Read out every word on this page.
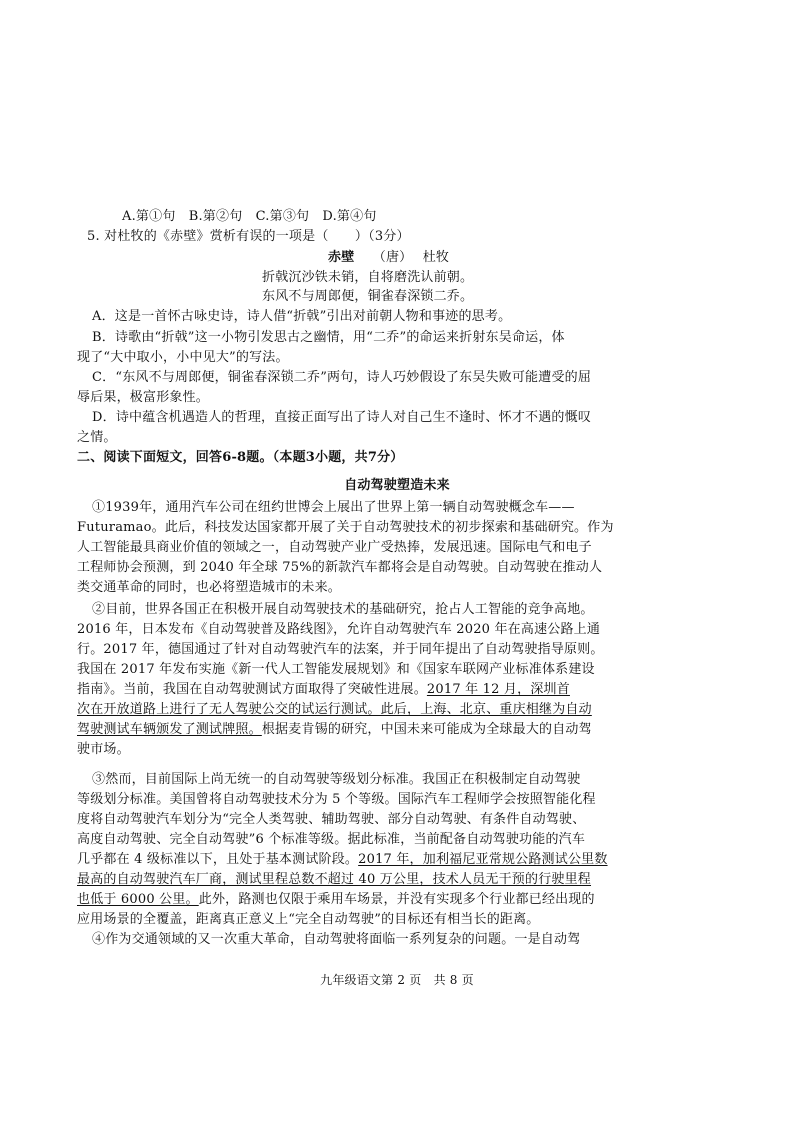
A.第①句　B.第②句　C.第③句　D.第④句
5. 对杜牧的《赤壁》赏析有误的一项是（　　）（3分）
赤壁 （唐） 杜牧
折戟沉沙铁未销，自将磨洗认前朝。
东风不与周郎便，铜雀春深锁二乔。
A．这是一首怀古咏史诗，诗人借“折戟”引出对前朝人物和事迹的思考。
B．诗歌由“折戟”这一小物引发思古之幽情，用“二乔”的命运来折射东吴命运，体
现了“大中取小，小中见大”的写法。
C．“东风不与周郎便，铜雀春深锁二乔”两句，诗人巧妙假设了东吴失败可能遭受的屈
辱后果，极富形象性。
D．诗中蕴含机遇造人的哲理，直接正面写出了诗人对自己生不逢时、怀才不遇的慨叹
之情。
二、阅读下面短文，回答6-8题。（本题3小题，共7分）
自动驾驶塑造未来
①1939年，通用汽车公司在纽约世博会上展出了世界上第一辆自动驾驶概念车——
Futuramao。此后，科技发达国家都开展了关于自动驾驶技术的初步探索和基础研究。作为
人工智能最具商业价值的领域之一，自动驾驶产业广受热捧，发展迅速。国际电气和电子
工程师协会预测，到 2040 年全球 75%的新款汽车都将会是自动驾驶。自动驾驶在推动人
类交通革命的同时，也必将塑造城市的未来。
②目前，世界各国正在积极开展自动驾驶技术的基础研究，抢占人工智能的竞争高地。
2016 年，日本发布《自动驾驶普及路线图》，允许自动驾驶汽车 2020 年在高速公路上通
行。2017 年，德国通过了针对自动驾驶汽车的法案，并于同年提出了自动驾驶指导原则。
我国在 2017 年发布实施《新一代人工智能发展规划》和《国家车联网产业标准体系建设
指南》。当前，我国在自动驾驶测试方面取得了突破性进展。2017 年 12 月，深圳首
次在开放道路上进行了无人驾驶公交的试运行测试。此后，上海、北京、重庆相继为自动
驾驶测试车辆颁发了测试牌照。根据麦肯锡的研究，中国未来可能成为全球最大的自动驾
驶市场。
③然而，目前国际上尚无统一的自动驾驶等级划分标准。我国正在积极制定自动驾驶
等级划分标准。美国曾将自动驾驶技术分为 5 个等级。国际汽车工程师学会按照智能化程
度将自动驾驶汽车划分为“完全人类驾驶、辅助驾驶、部分自动驾驶、有条件自动驾驶、
高度自动驾驶、完全自动驾驶”6 个标准等级。据此标准，当前配备自动驾驶功能的汽车
几乎都在 4 级标准以下，且处于基本测试阶段。2017 年，加利福尼亚常规公路测试公里数
最高的自动驾驶汽车厂商，测试里程总数不超过 40 万公里，技术人员无干预的行驶里程
也低于 6000 公里。此外，路测也仅限于乘用车场景，并没有实现多个行业都已经出现的
应用场景的全覆盖，距离真正意义上“完全自动驾驶”的目标还有相当长的距离。
④作为交通领域的又一次重大革命，自动驾驶将面临一系列复杂的问题。一是自动驾
九年级语文第 2 页　共 8 页
